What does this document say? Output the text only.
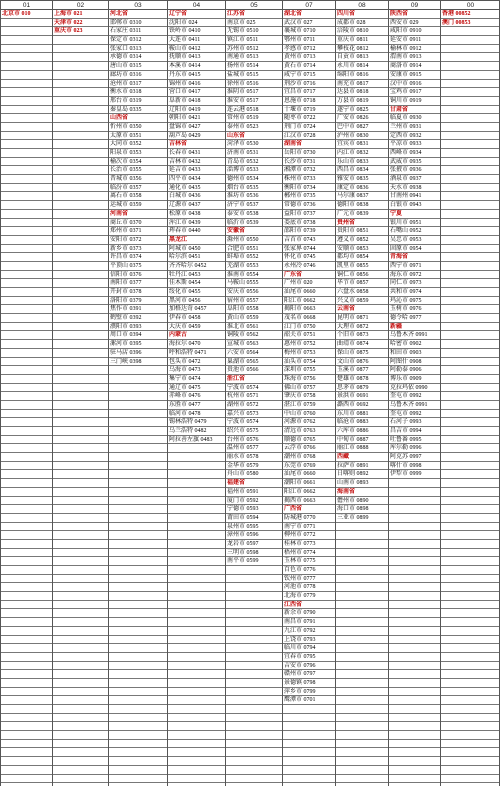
01	02	03	04	05	07	08	09	00
北京市 010	上海市 021
天津市 022
重庆市 023
河北省
邯郸市 0310
石家庄 0311
保定市 0312
张家口 0313
承德市 0314
唐山市 0315
廊坊市 0316
沧州市 0317
衡水市 0318
邢台市 0319
秦皇岛 0335
山西省
忻州市 0350
太原市 0351
大同市 0352
阳泉市 0353
榆次市 0354
长治市 0355
晋城市 0356
临汾市 0357
离石市 0358
运城市 0359
河南省
商丘市 0370
郑州市 0371
安阳市 0372
新乡市 0373
许昌市 0374
平顶山 0375
信阳市 0376
南阳市 0377
开封市 0378
洛阳市 0379
焦作市 0391
鹤壁市 0392
濮阳市 0393
周口市 0394
漯河市 0395
驻马店 0396
三门峡 0398
辽宁省
沈阳市 024
铁岭市 0410
大连市 0411
鞍山市 0412
抚顺市 0413
本溪市 0414
丹东市 0415
锦州市 0416
营口市 0417
阜新市 0418
辽阳市 0419
朝阳市 0421
盘锦市 0427
葫芦岛 0429
吉林省
长春市 0431
吉林市 0432
延吉市 0433
四平市 0434
通化市 0435
白城市 0436
辽源市 0437
松原市 0438
浑江市 0439
珲春市 0440
黑龙江
阿城市 0450
哈尔滨 0451
齐齐哈尔 0452
牡丹江 0453
佳木斯 0454
绥化市 0455
黑河市 0456
加格达奇 0457
伊春市 0458
大庆市 0459
内蒙古
海拉尔 0470
呼和浩特 0471
包头市 0472
乌海市 0473
集宁市 0474
通辽市 0475
赤峰市 0476
东胜市 0477
临河市 0478
锡林浩特 0479
乌兰浩特 0482
阿拉善左旗 0483
江苏省
南京市 025
无锡市 0510
镇江市 0511
苏州市 0512
南通市 0513
扬州市 0514
盐城市 0515
徐州市 0516
淮阴市 0517
淮安市 0517
连云港 0518
常州市 0519
泰州市 0523
山东省
菏泽市 0530
济南市 0531
青岛市 0532
淄博市 0533
德州市 0534
烟台市 0535
淮坊市 0536
济宁市 0537
泰安市 0538
临沂市 0539
安徽省
滁州市 0550
合肥市 0551
蚌埠市 0552
芜湖市 0553
淮南市 0554
马鞍山 0555
安庆市 0556
宿州市 0557
阜阳市 0558
黄山市 0559
淮北市 0561
铜陵市 0562
宣城市 0563
六安市 0564
巢湖市 0565
贵池市 0566
浙江省
宁波市 0574
杭州市 0571
湖州市 0572
嘉兴市 0573
宁波市 0574
绍兴市 0575
台州市 0576
温州市 0577
丽水市 0578
金华市 0579
舟山市 0580
福建省
福州市 0591
厦门市 0592
宁德市 0593
莆田市 0594
泉州市 0595
漳州市 0596
龙岩市 0597
三明市 0598
南平市 0599
湖北省
武汉市 027
襄城市 0710
鄂州市 0711
孝感市 0712
黄州市 0713
黄石市 0714
咸宁市 0715
荆沙市 0716
宜昌市 0717
恩施市 0718
十堰市 0719
随枣市 0722
荆门市 0724
江汉市 0728
湖南省
岳阳市 0730
长沙市 0731
湘潭市 0732
株州市 0733
衡阳市 0734
郴州市 0735
常德市 0736
益阳市 0737
娄底市 0738
邵阳市 0739
吉首市 0743
张家界 0744
怀化市 0745
永州冷 0746
广东省
广州市 020
汕尾市 0660
阳江市 0662
揭阳市 0663
茂名市 0668
江门市 0750
韶关市 0751
惠州市 0752
梅州市 0753
汕头市 0754
深圳市 0755
珠海市 0756
佛山市 0757
肇庆市 0758
湛江市 0759
中山市 0760
河源市 0762
清远市 0763
顺德市 0765
云浮市 0766
潮州市 0768
东莞市 0769
汕尾市 0660
潮阳市 0661
阳江市 0662
揭西市 0663
广西省
防城港 0770
南宁市 0771
柳州市 0772
桂林市 0773
梧州市 0774
玉林市 0775
百色市 0776
钦州市 0777
河池市 0778
北海市 0779
江西省
新余市 0790
南昌市 0791
九江市 0792
上饶市 0793
临川市 0794
宜春市 0795
吉安市 0796
赣州市 0797
景德镇 0798
萍乡市 0799
鹰潭市 0701
四川省
成都市 028
涪陵市 0810
重庆市 0811
攀枝花 0812
自贡市 0813
永川市 0814
绵阳市 0816
南充市 0817
达县市 0818
万县市 0819
遂宁市 0825
广安市 0826
巴中市 0827
泸州市 0830
宜宾市 0831
内江市 0832
乐山市 0833
西昌市 0834
雅安市 0835
康定市 0836
马尔康 0837
德阳市 0838
广元市 0839
贵州省
贵阳市 0851
遵义市 0852
安顺市 0853
都均市 0854
凯里市 0855
铜仁市 0856
毕节市 0857
六盘水 0858
兴义市 0859
云南省
昆明市 0871
大理市 0872
个旧市 0873
曲靖市 0874
保山市 0875
文山市 0876
玉溪市 0877
楚雄市 0878
思茅市 0879
景洪市 0691
潞西市 0692
东川市 0881
临沧市 0883
六库市 0886
中甸市 0887
丽江市 0888
西藏
拉萨市 0891
日喀则 0892
山南市 0893
海南省
儋州市 0890
海口市 0898
三亚市 0899
陕西省
西安市 029
咸阳市 0910
延安市 0911
榆林市 0912
渭南市 0913
商洛市 0914
安康市 0915
汉中市 0916
宝鸡市 0917
铜川市 0919
甘肃省
临夏市 0930
兰州市 0931
定西市 0932
平凉市 0933
西峰市 0934
武威市 0935
张掖市 0936
酒泉市 0937
天水市 0938
甘南州 0941
白银市 0943
宁夏
银川市 0951
石嘴山 0952
吴忠市 0953
固原市 0954
青海省
西宁市 0971
海东市 0972
同仁市 0973
共和市 0974
玛沁市 0975
玉树市 0976
德令哈 0977
新疆
乌鲁木齐 0991
哈密市 0902
和田市 0903
阿图什 0908
阿勒泰 0906
博乐市 0909
克拉玛依 0990
奎屯市 0992
乌鲁木齐 0991
奎屯市 0992
石河子 0993
昌吉市 0994
吐鲁番 0995
库尔勒 0996
阿克苏 0997
喀什市 0998
伊犁市 0999
香港 00852
澳门 00853
